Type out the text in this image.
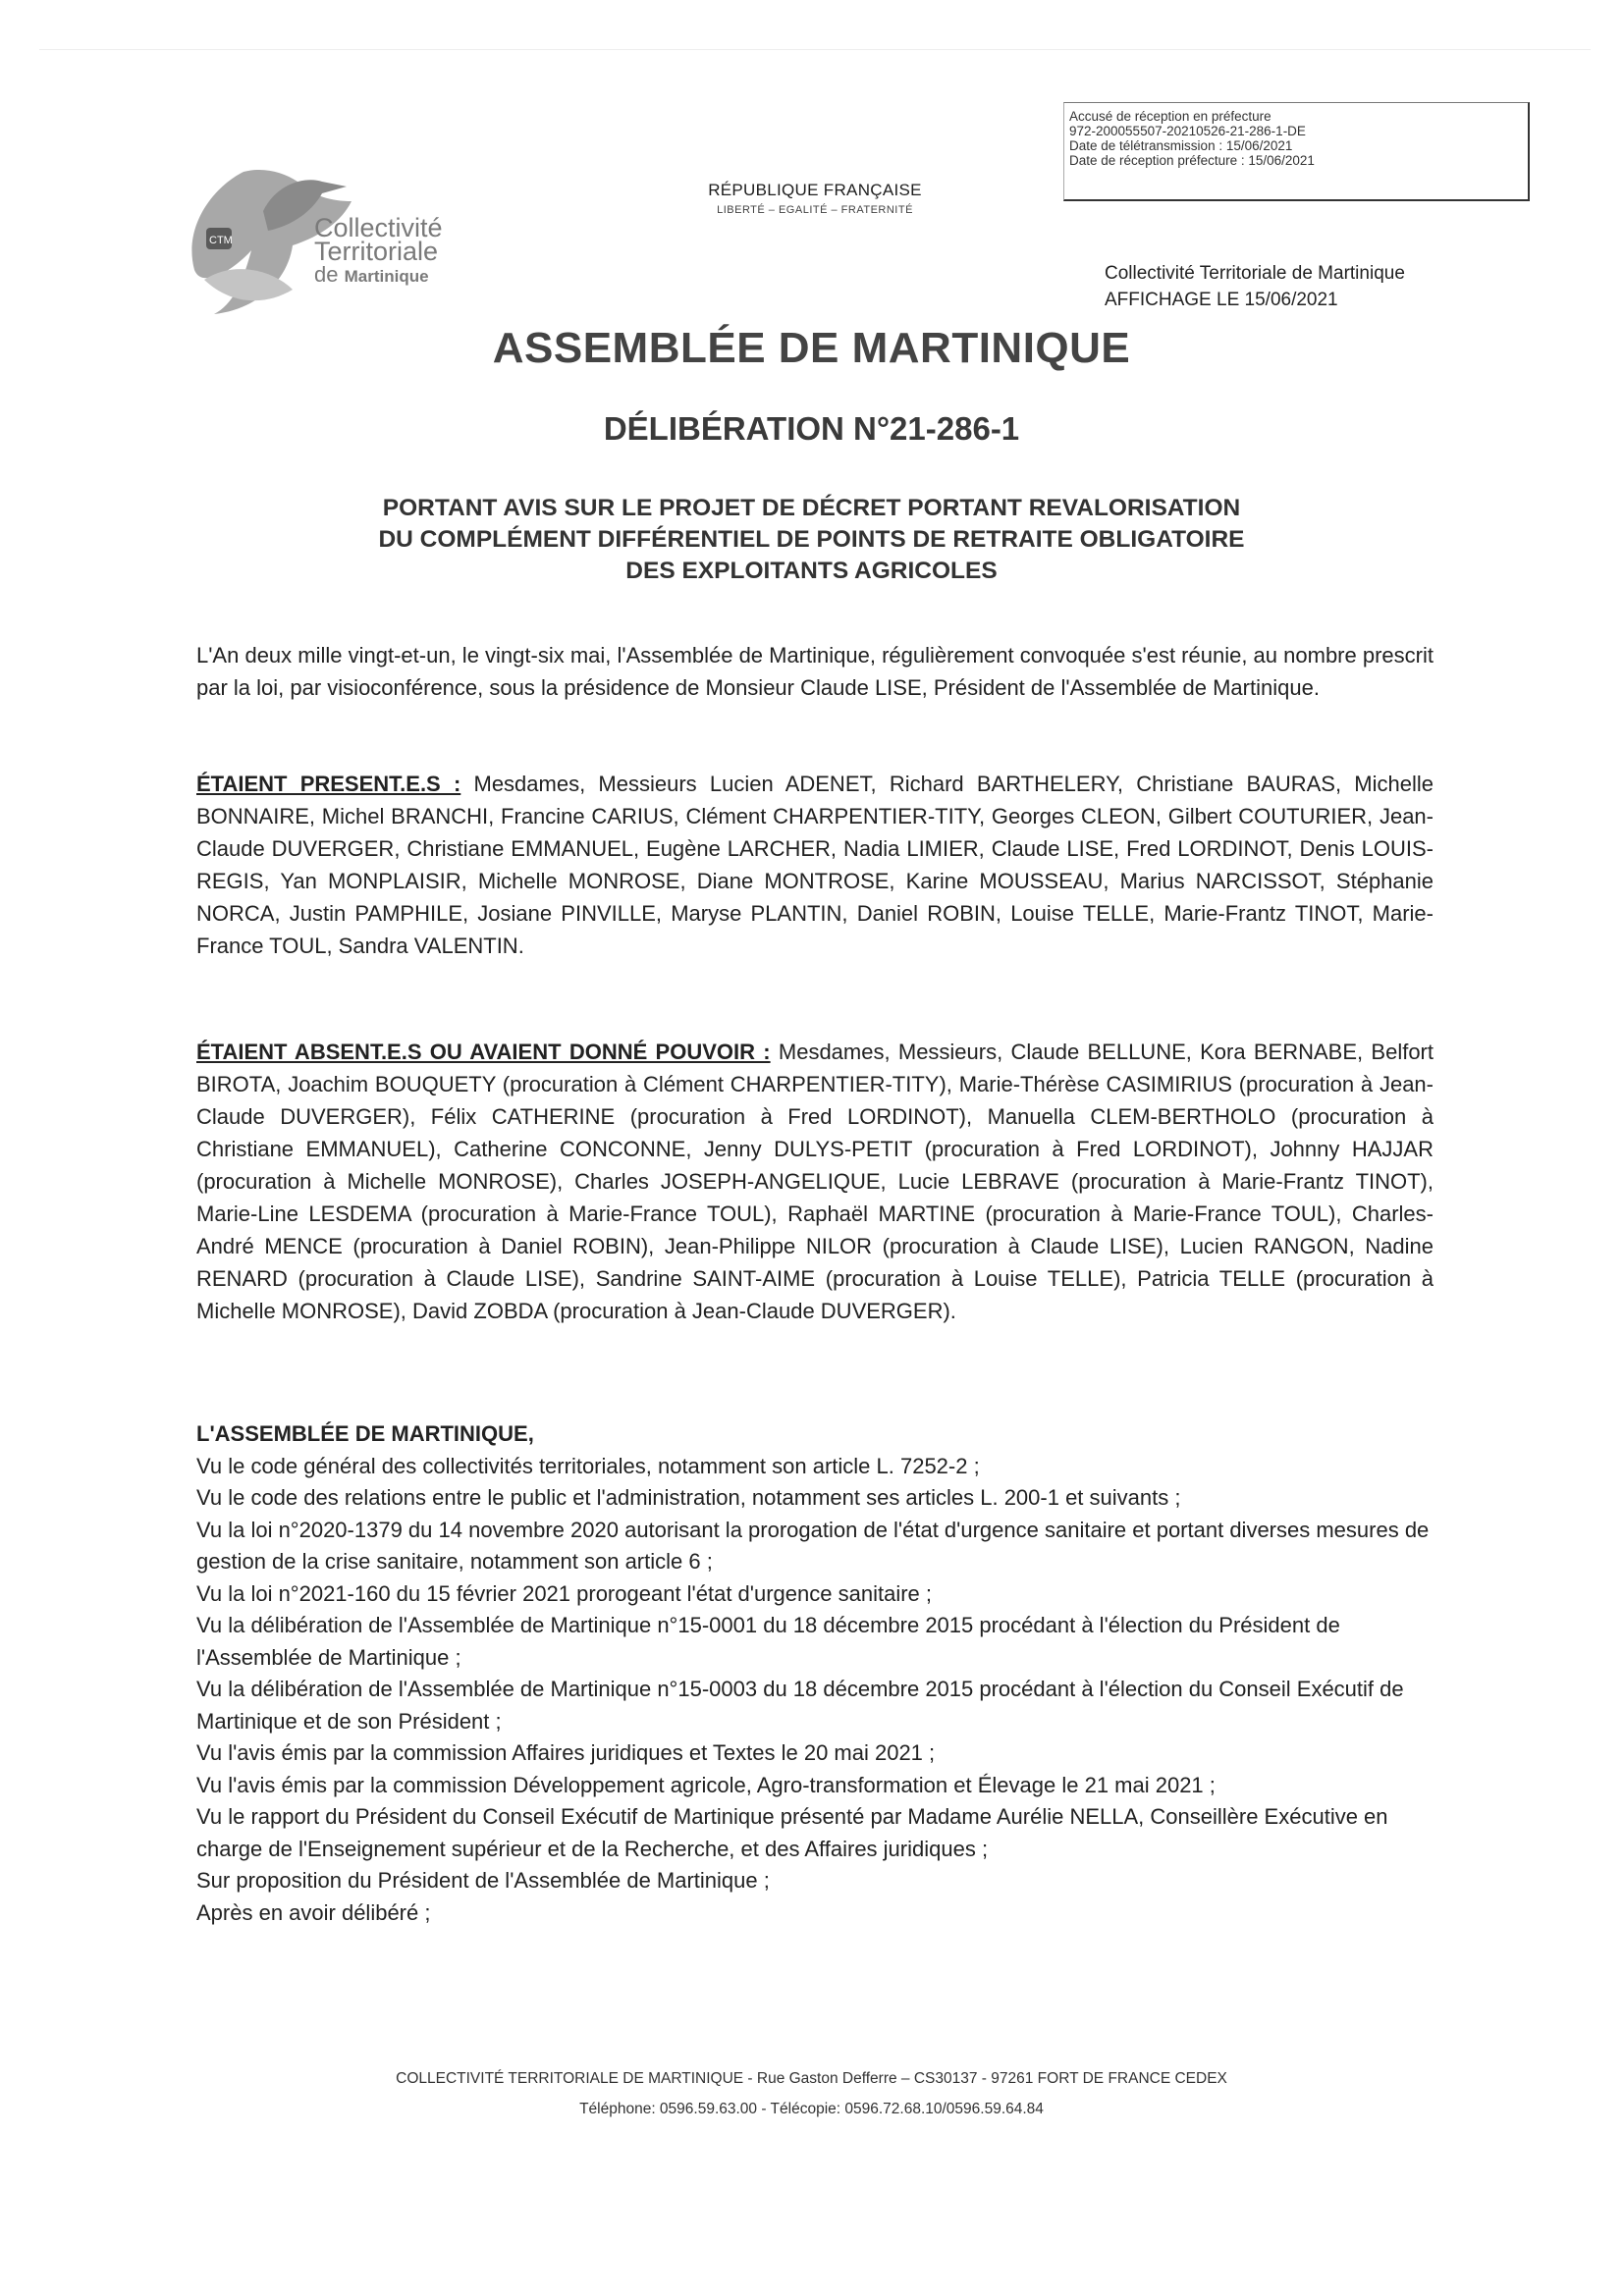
CTM	Collectivité
Territoriale
de Martinique
RÉPUBLIQUE FRANÇAISE
LIBERTÉ – EGALITÉ – FRATERNITÉ
Accusé de réception en préfecture
972-200055507-20210526-21-286-1-DE
Date de télétransmission : 15/06/2021
Date de réception préfecture : 15/06/2021
Collectivité Territoriale de Martinique
AFFICHAGE LE 15/06/2021
ASSEMBLÉE DE MARTINIQUE
DÉLIBÉRATION N°21-286-1
PORTANT AVIS SUR LE PROJET DE DÉCRET PORTANT REVALORISATION
DU COMPLÉMENT DIFFÉRENTIEL DE POINTS DE RETRAITE OBLIGATOIRE
DES EXPLOITANTS AGRICOLES
L'An deux mille vingt-et-un, le vingt-six mai, l'Assemblée de Martinique, régulièrement convoquée s'est réunie, au nombre prescrit par la loi, par visioconférence, sous la présidence de Monsieur Claude LISE, Président de l'Assemblée de Martinique.
ÉTAIENT PRESENT.E.S : Mesdames, Messieurs Lucien ADENET, Richard BARTHELERY, Christiane BAURAS, Michelle BONNAIRE, Michel BRANCHI, Francine CARIUS, Clément CHARPENTIER-TITY, Georges CLEON, Gilbert COUTURIER, Jean-Claude DUVERGER, Christiane EMMANUEL, Eugène LARCHER, Nadia LIMIER, Claude LISE, Fred LORDINOT, Denis LOUIS-REGIS, Yan MONPLAISIR, Michelle MONROSE, Diane MONTROSE, Karine MOUSSEAU, Marius NARCISSOT, Stéphanie NORCA, Justin PAMPHILE, Josiane PINVILLE, Maryse PLANTIN, Daniel ROBIN, Louise TELLE, Marie-Frantz TINOT, Marie-France TOUL, Sandra VALENTIN.
ÉTAIENT ABSENT.E.S OU AVAIENT DONNÉ POUVOIR : Mesdames, Messieurs, Claude BELLUNE, Kora BERNABE, Belfort BIROTA, Joachim BOUQUETY (procuration à Clément CHARPENTIER-TITY), Marie-Thérèse CASIMIRIUS (procuration à Jean-Claude DUVERGER), Félix CATHERINE (procuration à Fred LORDINOT), Manuella CLEM-BERTHOLO (procuration à Christiane EMMANUEL), Catherine CONCONNE, Jenny DULYS-PETIT (procuration à Fred LORDINOT), Johnny HAJJAR (procuration à Michelle MONROSE), Charles JOSEPH-ANGELIQUE, Lucie LEBRAVE (procuration à Marie-Frantz TINOT), Marie-Line LESDEMA (procuration à Marie-France TOUL), Raphaël MARTINE (procuration à Marie-France TOUL), Charles-André MENCE (procuration à Daniel ROBIN), Jean-Philippe NILOR (procuration à Claude LISE), Lucien RANGON, Nadine RENARD (procuration à Claude LISE), Sandrine SAINT-AIME (procuration à Louise TELLE), Patricia TELLE (procuration à Michelle MONROSE), David ZOBDA (procuration à Jean-Claude DUVERGER).
L'ASSEMBLÉE DE MARTINIQUE,
Vu le code général des collectivités territoriales, notamment son article L. 7252-2 ;
Vu le code des relations entre le public et l'administration, notamment ses articles L. 200-1 et suivants ;
Vu la loi n°2020-1379 du 14 novembre 2020 autorisant la prorogation de l'état d'urgence sanitaire et portant diverses mesures de gestion de la crise sanitaire, notamment son article 6 ;
Vu la loi n°2021-160 du 15 février 2021 prorogeant l'état d'urgence sanitaire ;
Vu la délibération de l'Assemblée de Martinique n°15-0001 du 18 décembre 2015 procédant à l'élection du Président de l'Assemblée de Martinique ;
Vu la délibération de l'Assemblée de Martinique n°15-0003 du 18 décembre 2015 procédant à l'élection du Conseil Exécutif de Martinique et de son Président ;
Vu l'avis émis par la commission Affaires juridiques et Textes le 20 mai 2021 ;
Vu l'avis émis par la commission Développement agricole, Agro-transformation et Élevage le 21 mai 2021 ;
Vu le rapport du Président du Conseil Exécutif de Martinique présenté par Madame Aurélie NELLA, Conseillère Exécutive en charge de l'Enseignement supérieur et de la Recherche, et des Affaires juridiques ;
Sur proposition du Président de l'Assemblée de Martinique ;
Après en avoir délibéré ;
COLLECTIVITÉ TERRITORIALE DE MARTINIQUE - Rue Gaston Defferre – CS30137 - 97261 FORT DE FRANCE CEDEX
Téléphone: 0596.59.63.00 - Télécopie: 0596.72.68.10/0596.59.64.84
